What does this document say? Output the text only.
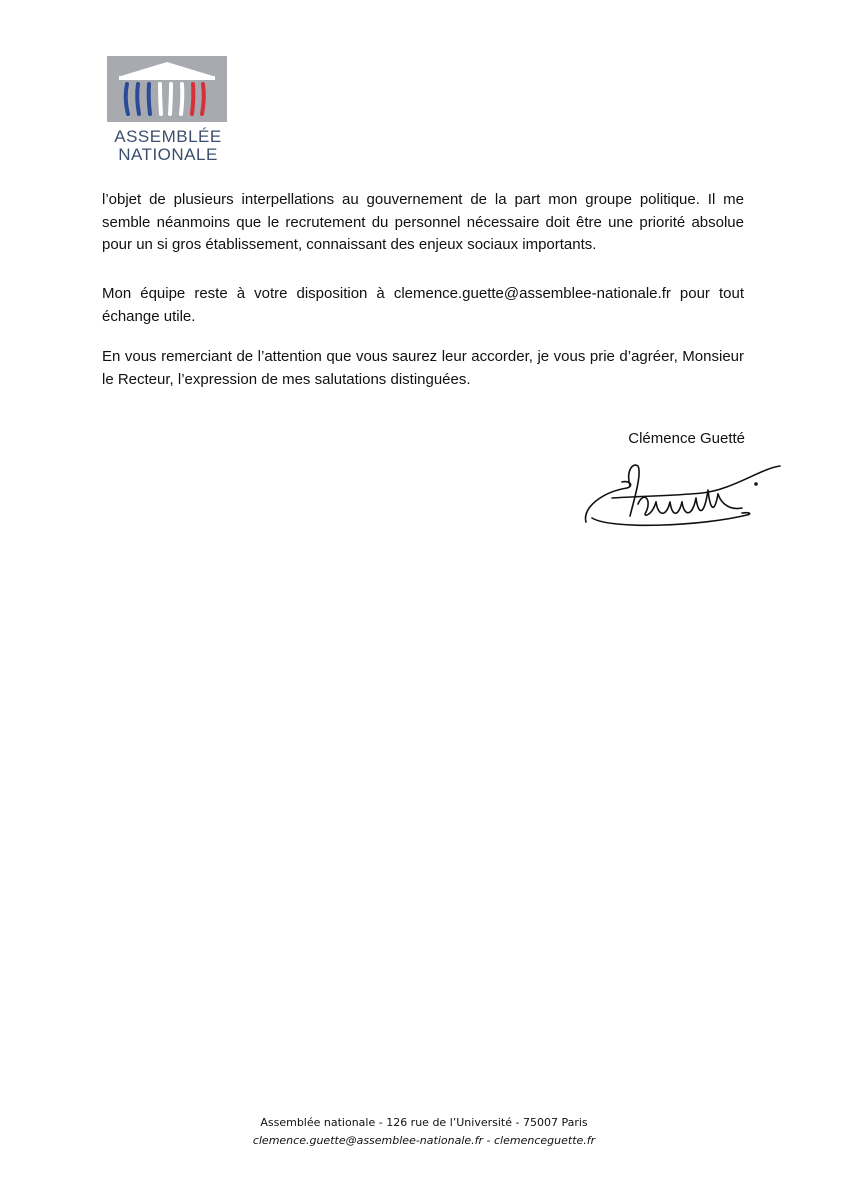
ASSEMBLÉE
NATIONALE

l’objet de plusieurs interpellations au gouvernement de la part mon groupe politique. Il me semble néanmoins que le recrutement du personnel nécessaire doit être une priorité absolue pour un si gros établissement, connaissant des enjeux sociaux importants.

Mon équipe reste à votre disposition à clemence.guette@assemblee-nationale.fr pour tout échange utile.

En vous remerciant de l’attention que vous saurez leur accorder, je vous prie d’agréer, Monsieur le Recteur, l’expression de mes salutations distinguées.

Clémence Guetté
Assemblée nationale - 126 rue de l’Université - 75007 Paris
clemence.guette@assemblee-nationale.fr - clemenceguette.fr
